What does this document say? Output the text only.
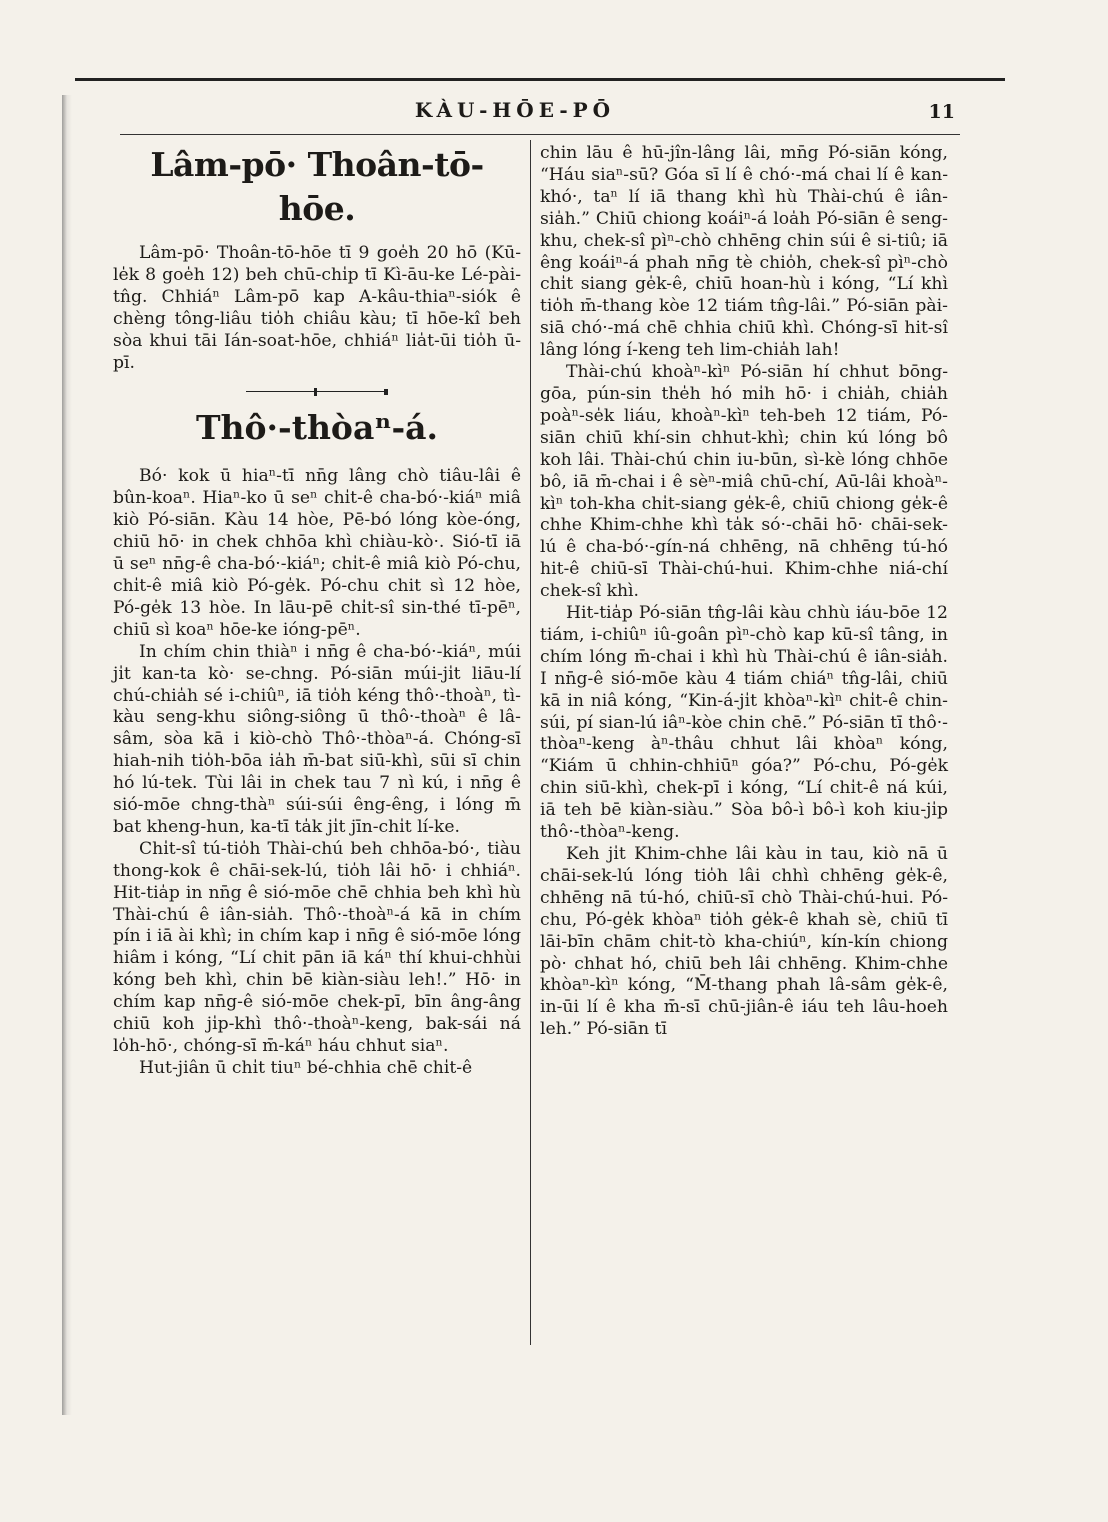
KÀU-HŌE-PŌ	11
Lâm-pō· Thoân-tō-hōe.

Lâm-pō· Thoân-tō-hōe tī 9 goe̍h 20 hō (Kū-le̍k 8 goe̍h 12) beh chū-chi̍p tī Kì-āu-ke Lé-pài-tn̂g. Chhiáⁿ Lâm-pō kap A-kâu-thiaⁿ-siók ê chèng tông-liâu tio̍h chiâu kàu; tī hōe-kî beh sòa khui tāi Ián-soat-hōe, chhiáⁿ lia̍t-ūi tio̍h ū-pī.

Thô·-thòaⁿ-á.

Bó· kok ū hiaⁿ-tī nn̄g lâng chò tiâu-lâi ê bûn-koaⁿ. Hiaⁿ-ko ū seⁿ chi̍t-ê cha-bó·-kiáⁿ miâ kiò Pó-siān. Kàu 14 hòe, Pē-bó lóng kòe-óng, chiū hō· in chek chhōa khì chiàu-kò·. Sió-tī iā ū seⁿ nn̄g-ê cha-bó·-kiáⁿ; chi̍t-ê miâ kiò Pó-chu, chi̍t-ê miâ kiò Pó-ge̍k. Pó-chu chit sì 12 hòe, Pó-ge̍k 13 hòe. In lāu-pē chi̍t-sî sin-thé tī-pēⁿ, chiū sì koaⁿ hōe-ke ióng-pēⁿ.

In chím chin thiàⁿ i nn̄g ê cha-bó·-kiáⁿ, múi ji̍t kan-ta kò· se-chng. Pó-siān múi-ji̍t liāu-lí chú-chia̍h sé i-chiûⁿ, iā tio̍h kéng thô·-thoàⁿ, tì-kàu seng-khu siông-siông ū thô·-thoàⁿ ê lâ-sâm, sòa kā i kiò-chò Thô·-thòaⁿ-á. Chóng-sī hiah-nih tio̍h-bōa ia̍h m̄-bat siū-khì, sūi sī chin hó lú-tek. Tùi lâi in chek tau 7 nì kú, i nn̄g ê sió-mōe chng-thàⁿ súi-súi êng-êng, i lóng m̄ bat kheng-hun, ka-tī ta̍k ji̍t jīn-chi̍t lí-ke.

Chi̍t-sî tú-tio̍h Thài-chú beh chhōa-bó·, tiàu thong-kok ê chāi-sek-lú, tio̍h lâi hō· i chhiáⁿ. Hit-tia̍p in nn̄g ê sió-mōe chē chhia beh khì hù Thài-chú ê iân-sia̍h. Thô·-thoàⁿ-á kā in chím pín i iā ài khì; in chím kap i nn̄g ê sió-mōe lóng hiâm i kóng, “Lí chit pān iā káⁿ thí khui-chhùi kóng beh khì, chin bē kiàn-siàu leh!.” Hō· in chím kap nn̄g-ê sió-mōe chek-pī, bīn âng-âng chiū koh ji̍p-khì thô·-thoàⁿ-keng, bak-sái ná lo̍h-hō·, chóng-sī m̄-káⁿ háu chhut siaⁿ.

Hut-jiân ū chi̍t tiuⁿ bé-chhia chē chi̍t-ê

chin lāu ê hū-jîn-lâng lâi, mn̄g Pó-siān kóng, “Háu siaⁿ-sū? Góa sī lí ê chó·-má chai lí ê kan-khó·, taⁿ lí iā thang khì hù Thài-chú ê iân-sia̍h.” Chiū chiong koáiⁿ-á loa̍h Pó-siān ê seng-khu, chek-sî pìⁿ-chò chhēng chin súi ê si-tiû; iā êng koáiⁿ-á phah nn̄g tè chio̍h, chek-sî pìⁿ-chò chi̍t siang ge̍k-ê, chiū hoan-hù i kóng, “Lí khì tio̍h m̄-thang kòe 12 tiám tn̂g-lâi.” Pó-siān pài-siā chó·-má chē chhia chiū khì. Chóng-sī hit-sî lâng lóng í-keng teh lim-chia̍h lah!

Thài-chú khoàⁿ-kìⁿ Pó-siān hí chhut bōng-gōa, pún-sin the̍h hó mi̍h hō· i chia̍h, chia̍h poàⁿ-se̍k liáu, khoàⁿ-kìⁿ teh-beh 12 tiám, Pó-siān chiū khí-sin chhut-khì; chin kú lóng bô koh lâi. Thài-chú chin iu-būn, sì-kè lóng chhōe bô, iā m̄-chai i ê sèⁿ-miâ chū-chí, Aū-lâi khoàⁿ-kìⁿ toh-kha chi̍t-siang ge̍k-ê, chiū chiong ge̍k-ê chhe Khim-chhe khì ta̍k só·-chāi hō· chāi-sek-lú ê cha-bó·-gín-ná chhēng, nā chhēng tú-hó hit-ê chiū-sī Thài-chú-hui. Khim-chhe niá-chí chek-sî khì.

Hit-tia̍p Pó-siān tn̂g-lâi kàu chhù iáu-bōe 12 tiám, i-chiûⁿ iû-goân pìⁿ-chò kap kū-sî tâng, in chím lóng m̄-chai i khì hù Thài-chú ê iân-sia̍h. I nn̄g-ê sió-mōe kàu 4 tiám chiáⁿ tn̂g-lâi, chiū kā in niâ kóng, “Kin-á-ji̍t khòaⁿ-kìⁿ chi̍t-ê chin-súi, pí sian-lú iâⁿ-kòe chin chē.” Pó-siān tī thô·-thòaⁿ-keng àⁿ-thâu chhut lâi khòaⁿ kóng, “Kiám ū chhin-chhiūⁿ góa?” Pó-chu, Pó-ge̍k chin siū-khì, chek-pī i kóng, “Lí chi̍t-ê ná kúi, iā teh bē kiàn-siàu.” Sòa bô-ì bô-ì koh kiu-ji̍p thô·-thòaⁿ-keng.

Keh ji̍t Khim-chhe lâi kàu in tau, kiò nā ū chāi-sek-lú lóng tio̍h lâi chhì chhēng ge̍k-ê, chhēng nā tú-hó, chiū-sī chò Thài-chú-hui. Pó-chu, Pó-ge̍k khòaⁿ tio̍h ge̍k-ê khah sè, chiū tī lāi-bīn chām chi̍t-tò kha-chiúⁿ, kín-kín chiong pò· chhat hó, chiū beh lâi chhēng. Khim-chhe khòaⁿ-kìⁿ kóng, “M̄-thang phah lâ-sâm ge̍k-ê, in-ūi lí ê kha m̄-sī chū-jiân-ê iáu teh lâu-hoeh leh.” Pó-siān tī
